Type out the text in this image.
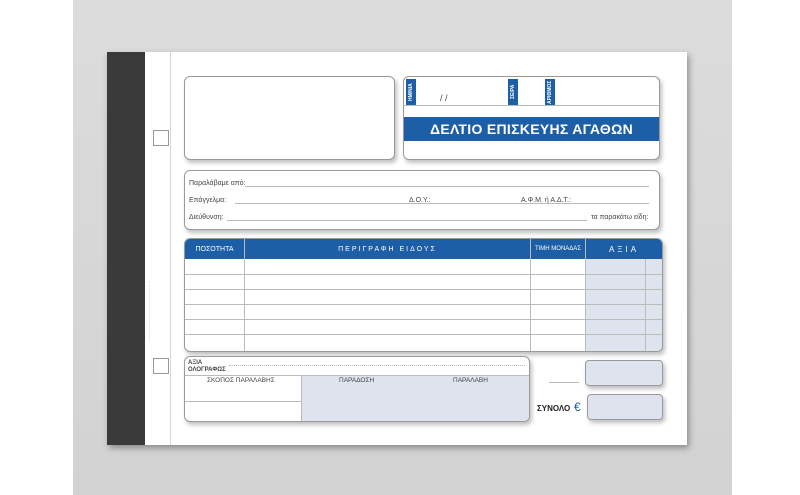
··············································
ΗΜ/ΝΙΑ	/ /	ΣΕΙΡΑ	ΑΡΙΘΜΟΣ
ΔΕΛΤΙΟ ΕΠΙΣΚΕΥΗΣ ΑΓΑΘΩΝ
Παραλάβαμε από:
Επάγγελμα:	Δ.Ο.Υ.:	Α.Φ.Μ. ή Α.Δ.Τ.:
Διεύθυνση:	τα παρακάτω είδη:
ΠΟΣΟΤΗΤΑ	ΠΕΡΙΓΡΑΦΗ ΕΙΔΟΥΣ	ΤΙΜΗ ΜΟΝΑΔΑΣ	ΑΞΙΑ
ΑΞΙΑ ΟΛΟΓΡΑΦΩΣ
ΣΚΟΠΟΣ ΠΑΡΑΛΑΒΗΣ	ΠΑΡΑΔΟΣΗ	ΠΑΡΑΛΑΒΗ
ΣΥΝΟΛΟ €
